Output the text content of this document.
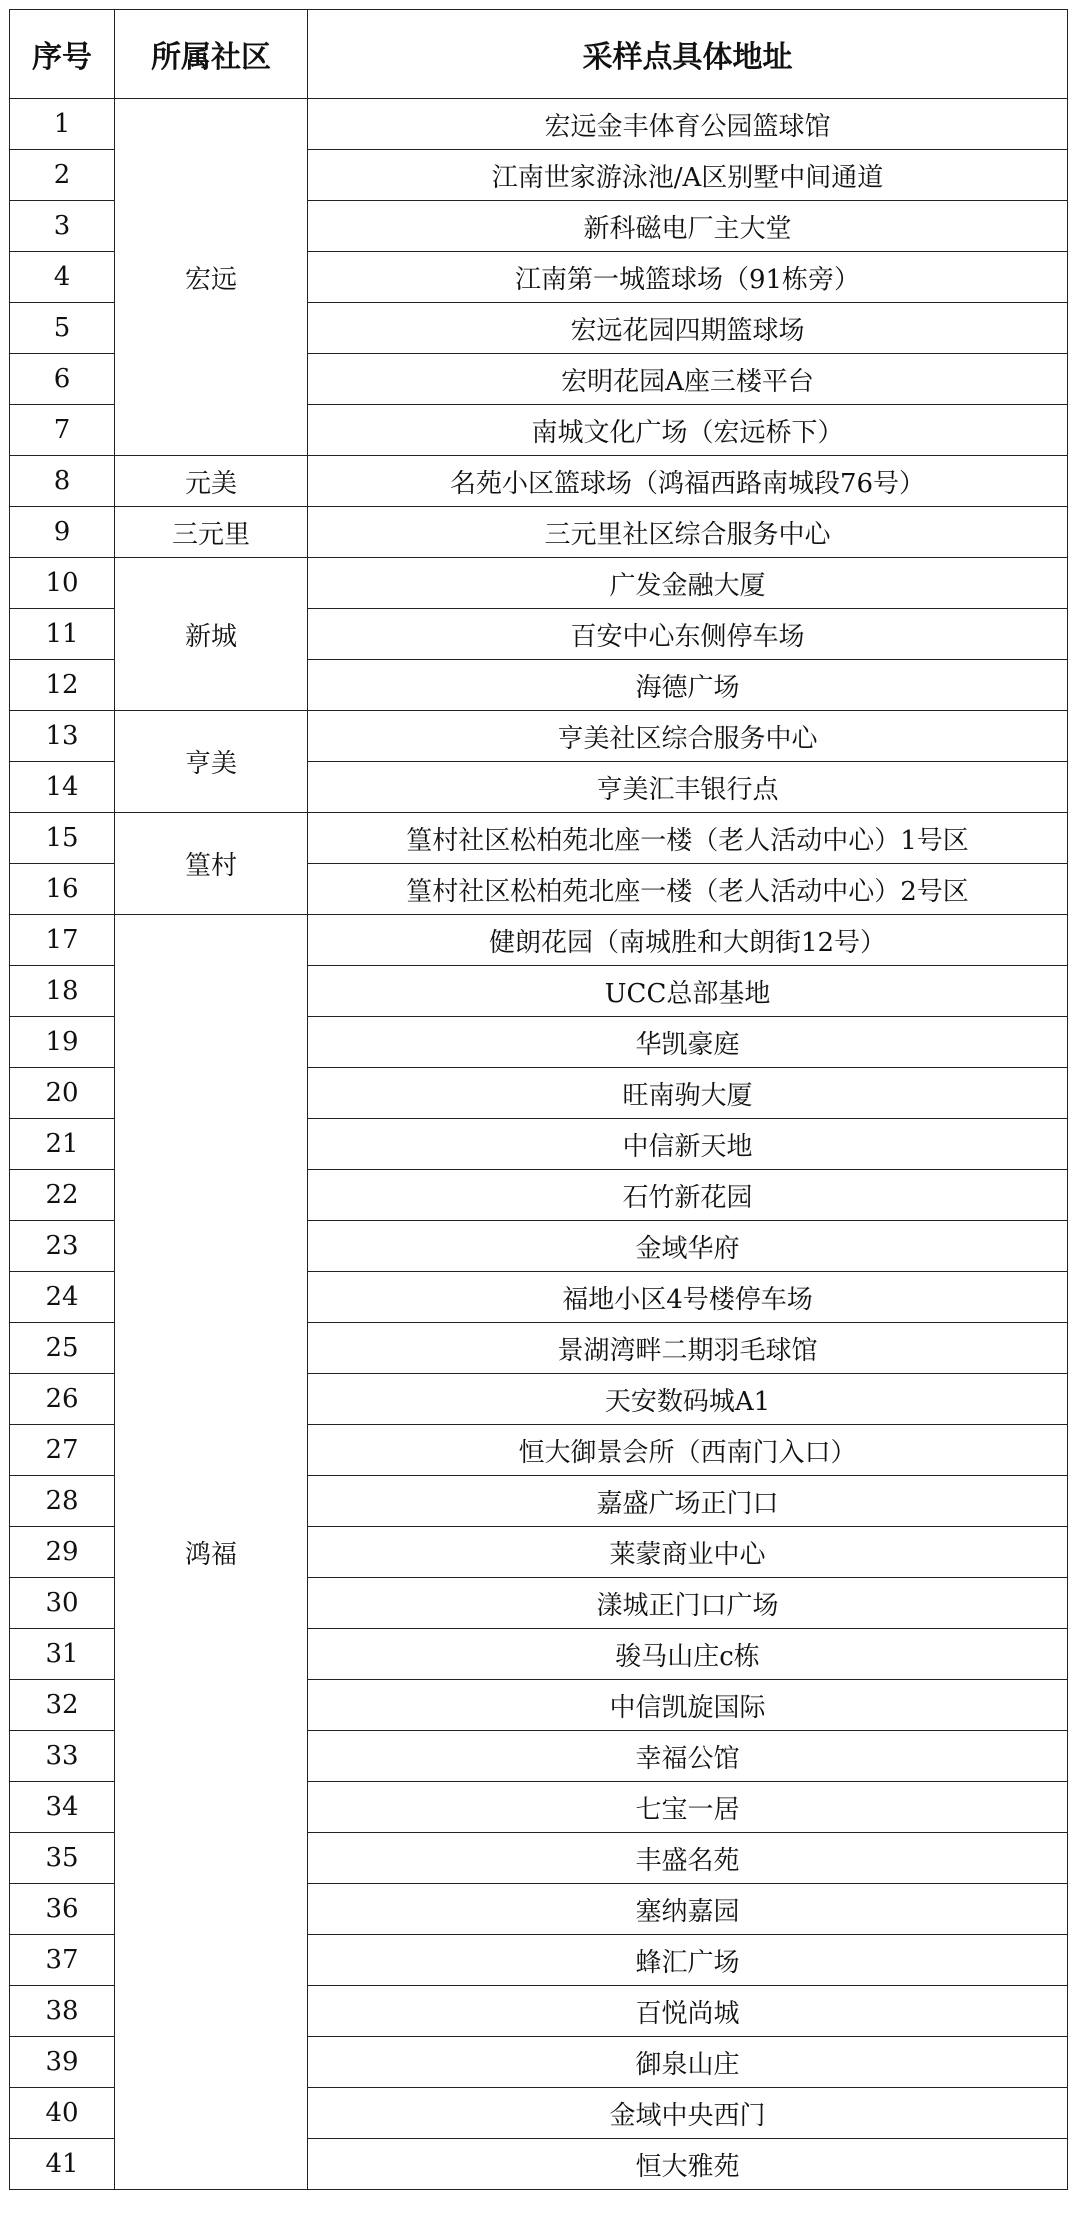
序号	所属社区	采样点具体地址
1	宏远	宏远金丰体育公园篮球馆
2		江南世家游泳池/A区别墅中间通道
3		新科磁电厂主大堂
4		江南第一城篮球场（91栋旁）
5		宏远花园四期篮球场
6		宏明花园A座三楼平台
7		南城文化广场（宏远桥下）
8	元美	名苑小区篮球场（鸿福西路南城段76号）
9	三元里	三元里社区综合服务中心
10	新城	广发金融大厦
11		百安中心东侧停车场
12		海德广场
13	亨美	亨美社区综合服务中心
14		亨美汇丰银行点
15	篁村	篁村社区松柏苑北座一楼（老人活动中心）1号区
16		篁村社区松柏苑北座一楼（老人活动中心）2号区
17	鸿福	健朗花园（南城胜和大朗街12号）
18		UCC总部基地
19		华凯豪庭
20		旺南驹大厦
21		中信新天地
22		石竹新花园
23		金域华府
24		福地小区4号楼停车场
25		景湖湾畔二期羽毛球馆
26		天安数码城A1
27		恒大御景会所（西南门入口）
28		嘉盛广场正门口
29		莱蒙商业中心
30		漾城正门口广场
31		骏马山庄c栋
32		中信凯旋国际
33		幸福公馆
34		七宝一居
35		丰盛名苑
36		塞纳嘉园
37		蜂汇广场
38		百悦尚城
39		御泉山庄
40		金域中央西门
41		恒大雅苑
